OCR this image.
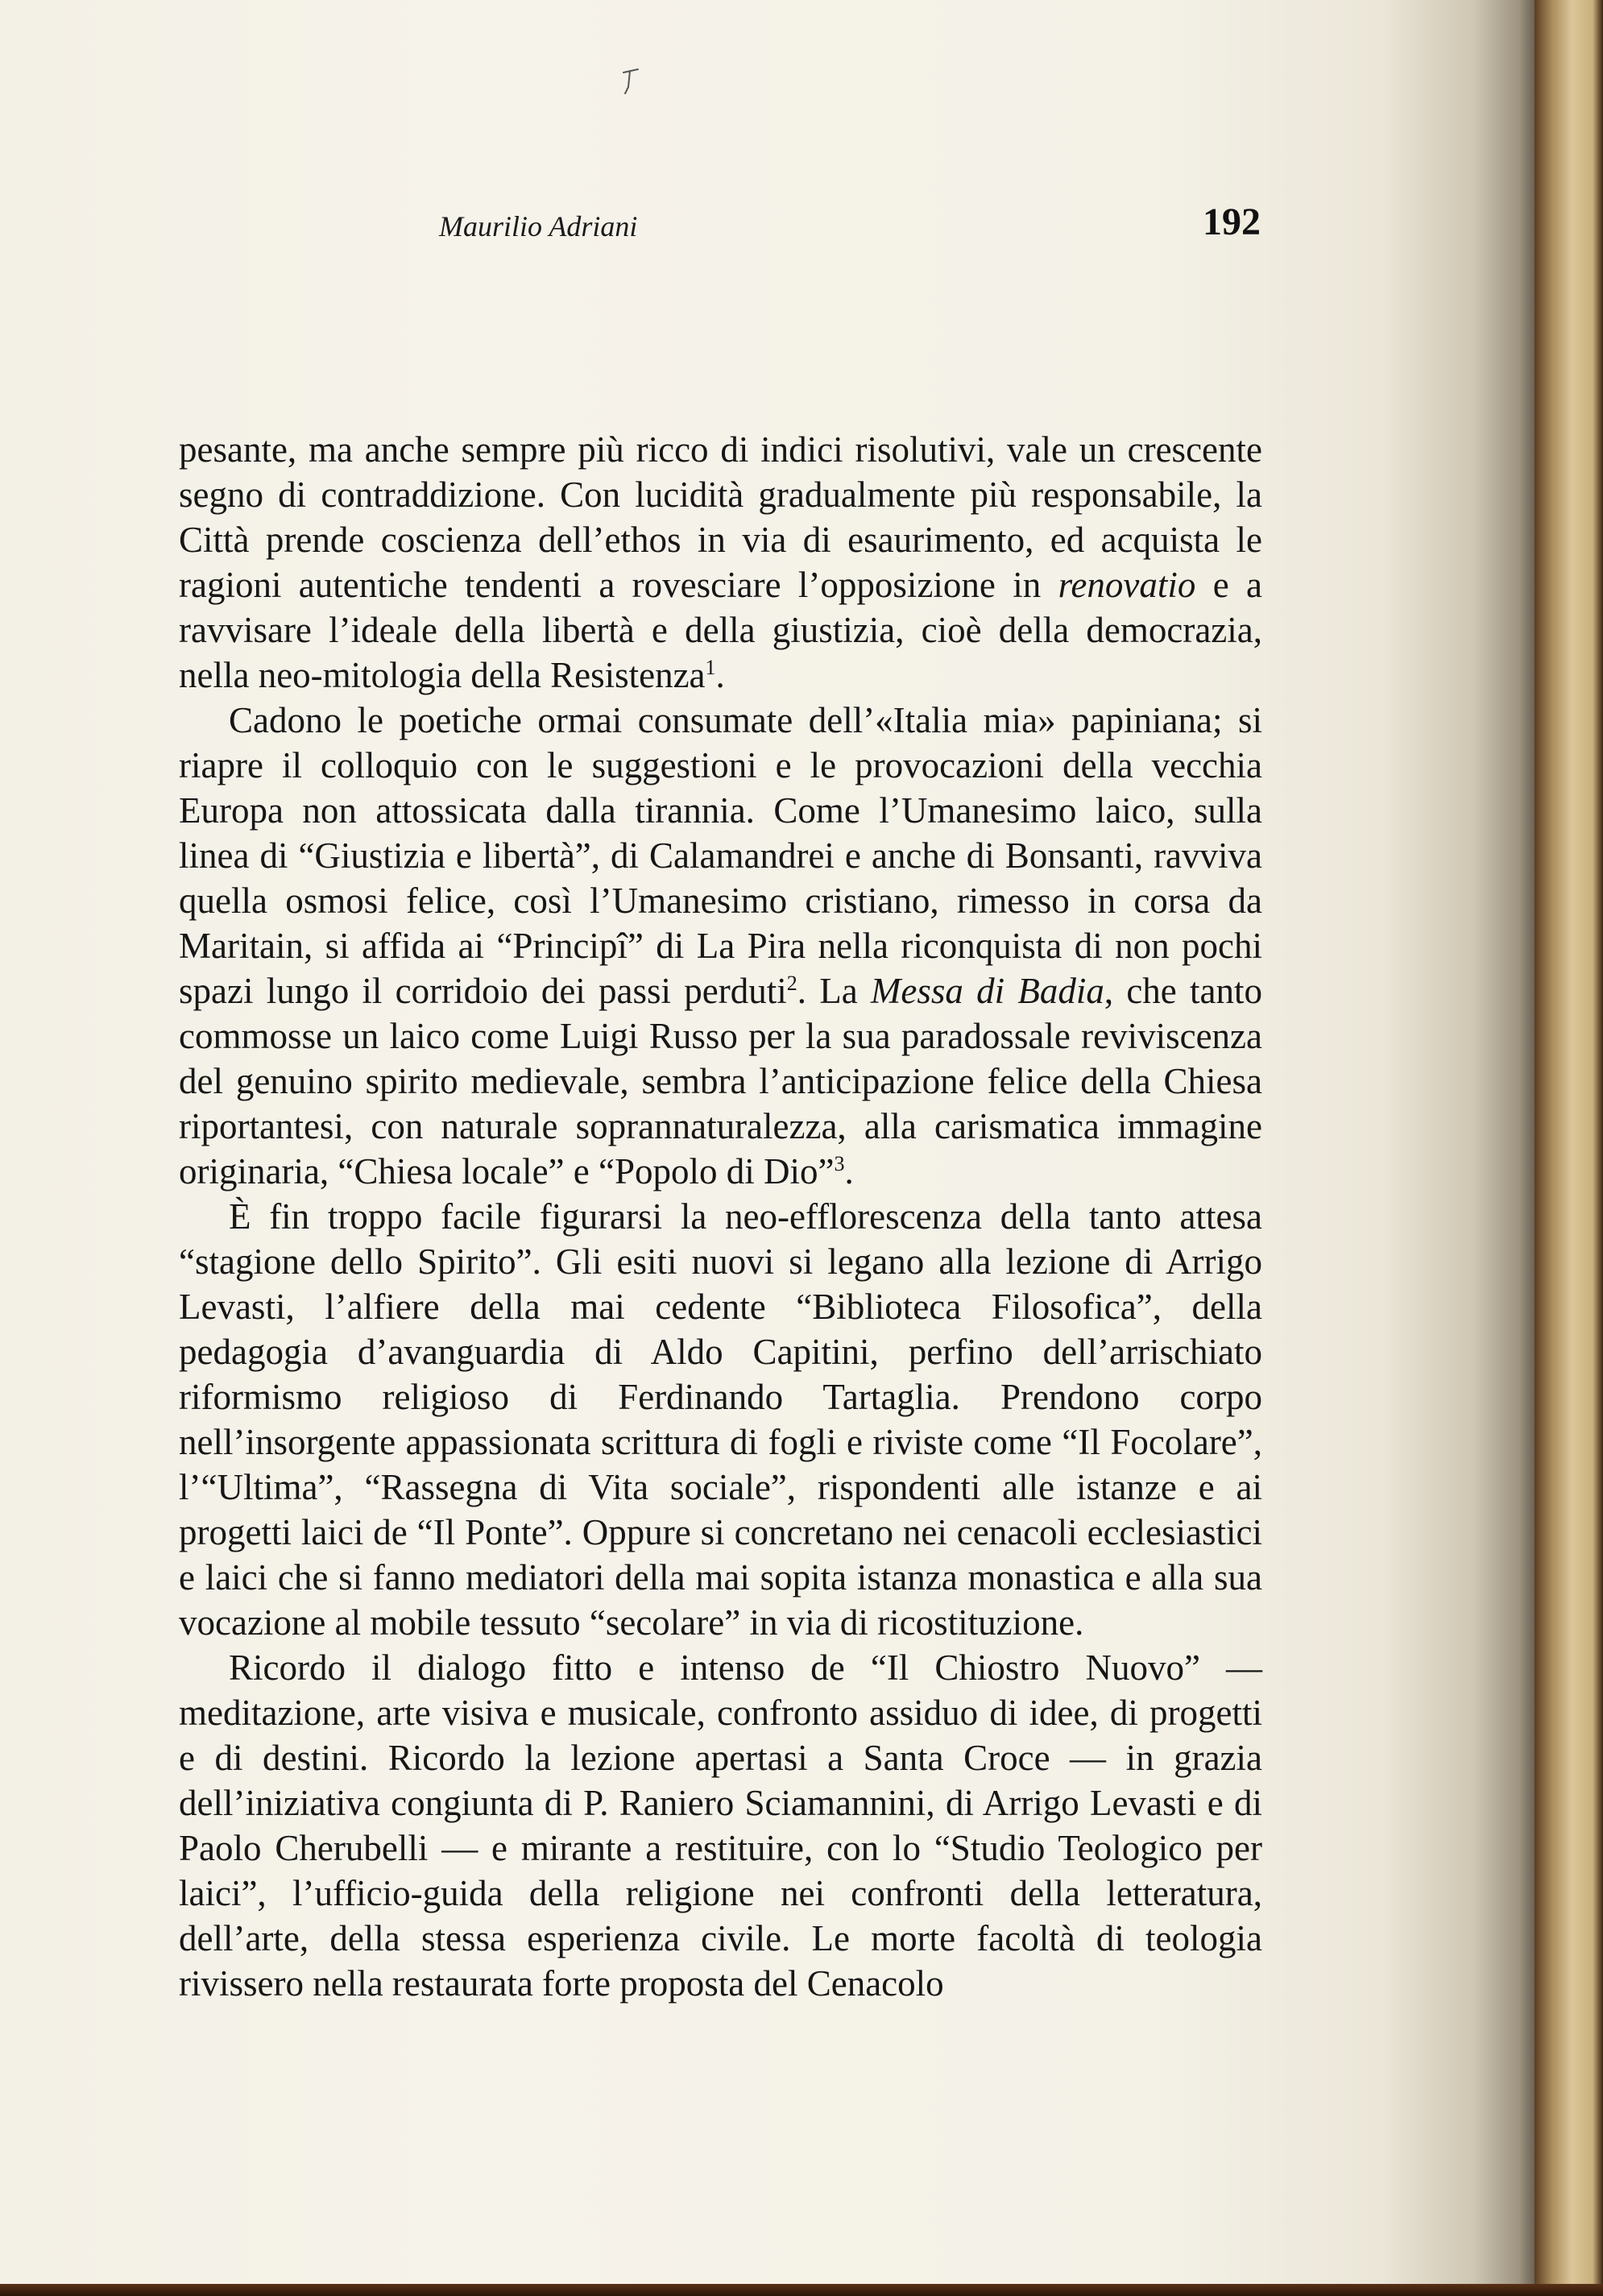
Maurilio Adriani	192

pesante, ma anche sempre più ricco di indici risolutivi, vale un crescente segno di contraddizione. Con lucidità gradualmente più responsabile, la Città prende coscienza dell’ethos in via di esaurimento, ed acquista le ragioni autentiche tendenti a rovesciare l’opposizione in renovatio e a ravvisare l’ideale della libertà e della giustizia, cioè della democrazia, nella neo-mitologia della Resistenza$^1$.

Cadono le poetiche ormai consumate dell’«Italia mia» papiniana; si riapre il colloquio con le suggestioni e le provocazioni della vecchia Europa non attossicata dalla tirannia. Come l’Umanesimo laico, sulla linea di “Giustizia e libertà”, di Calamandrei e anche di Bonsanti, ravviva quella osmosi felice, così l’Umanesimo cristiano, rimesso in corsa da Maritain, si affida ai “Principî” di La Pira nella riconquista di non pochi spazi lungo il corridoio dei passi perduti$^2$. La Messa di Badia, che tanto commosse un laico come Luigi Russo per la sua paradossale reviviscenza del genuino spirito medievale, sembra l’anticipazione felice della Chiesa riportantesi, con naturale soprannaturalezza, alla carismatica immagine originaria, “Chiesa locale” e “Popolo di Dio”$^3$.

È fin troppo facile figurarsi la neo-efflorescenza della tanto attesa “stagione dello Spirito”. Gli esiti nuovi si legano alla lezione di Arrigo Levasti, l’alfiere della mai cedente “Biblioteca Filosofica”, della pedagogia d’avanguardia di Aldo Capitini, perfino dell’arrischiato riformismo religioso di Ferdinando Tartaglia. Prendono corpo nell’insorgente appassionata scrittura di fogli e riviste come “Il Focolare”, l’“Ultima”, “Rassegna di Vita sociale”, rispondenti alle istanze e ai progetti laici de “Il Ponte”. Oppure si concretano nei cenacoli ecclesiastici e laici che si fanno mediatori della mai sopita istanza monastica e alla sua vocazione al mobile tessuto “secolare” in via di ricostituzione.

Ricordo il dialogo fitto e intenso de “Il Chiostro Nuovo” — meditazione, arte visiva e musicale, confronto assiduo di idee, di progetti e di destini. Ricordo la lezione apertasi a Santa Croce — in grazia dell’iniziativa congiunta di P. Raniero Sciamannini, di Arrigo Levasti e di Paolo Cherubelli — e mirante a restituire, con lo “Studio Teologico per laici”, l’ufficio-guida della religione nei confronti della letteratura, dell’arte, della stessa esperienza civile. Le morte facoltà di teologia rivissero nella restaurata forte proposta del Cenacolo
